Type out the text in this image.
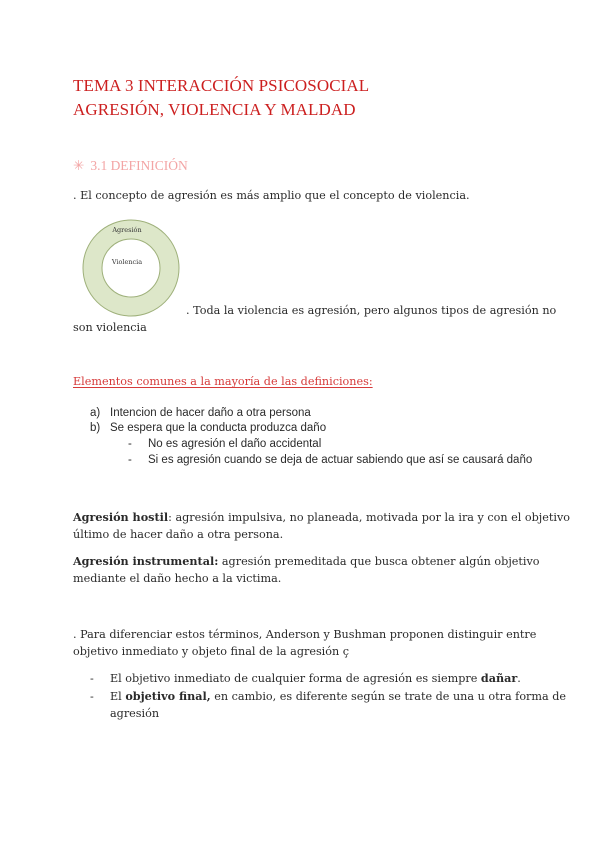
TEMA 3 INTERACCIÓN PSICOSOCIAL
AGRESIÓN, VIOLENCIA Y MALDAD
✳ 3.1 DEFINICIÓN
. El concepto de agresión es más amplio que el concepto de violencia.
Agresión
Violencia
. Toda la violencia es agresión, pero algunos tipos de agresión no
son violencia
Elementos comunes a la mayoría de las definiciones:
a) Intencion de hacer daño a otra persona
b) Se espera que la conducta produzca daño
- No es agresión el daño accidental
- Si es agresión cuando se deja de actuar sabiendo que así se causará daño
Agresión hostil: agresión impulsiva, no planeada, motivada por la ira y con el objetivo
último de hacer daño a otra persona.
Agresión instrumental: agresión premeditada que busca obtener algún objetivo
mediante el daño hecho a la victima.
. Para diferenciar estos términos, Anderson y Bushman proponen distinguir entre
objetivo inmediato y objeto final de la agresión ç
- El objetivo inmediato de cualquier forma de agresión es siempre dañar.
- El objetivo final, en cambio, es diferente según se trate de una u otra forma de
agresión
